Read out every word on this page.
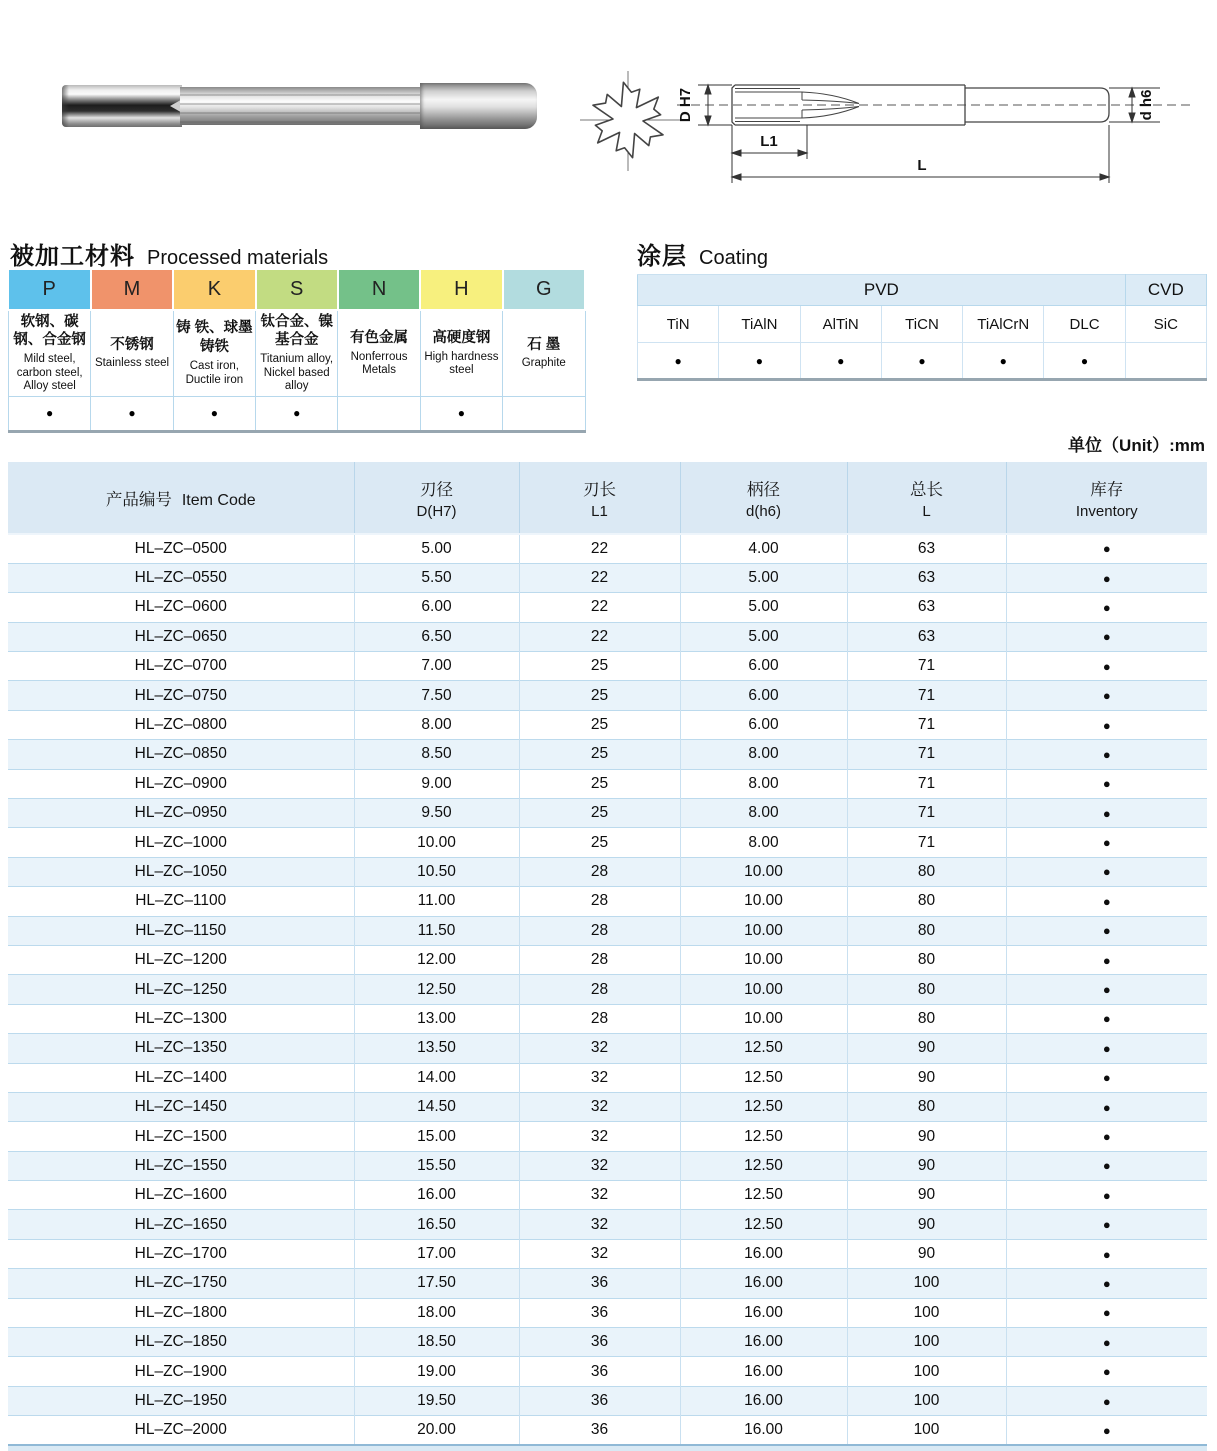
D H7	d h6
L1
L
被加工材料 Processed materials
P	M	K	S	N	H	G

软钢、碳钢、合金钢
Mild steel, carbon steel, Alloy steel

不锈钢
Stainless steel

铸 铁、球墨铸铁
Cast iron, Ductile iron

钛合金、镍基合金
Titanium alloy, Nickel based alloy

有色金属
Nonferrous Metals

高硬度钢
High hardness steel

石 墨
Graphite

●	●	●	●		●	
涂层 Coating
PVD						CVD
TiN	TiAlN	AlTiN	TiCN	TiAlCrN	DLC	SiC
●	●	●	●	●	●	
单位（Unit）:mm
产品编号 Item Code	
刃径
D(H7)

刃长
L1

柄径
d(h6)

总长
L

库存
Inventory

HL–ZC–0500	5.00	22	4.00	63	●
HL–ZC–0550	5.50	22	5.00	63	●
HL–ZC–0600	6.00	22	5.00	63	●
HL–ZC–0650	6.50	22	5.00	63	●
HL–ZC–0700	7.00	25	6.00	71	●
HL–ZC–0750	7.50	25	6.00	71	●
HL–ZC–0800	8.00	25	6.00	71	●
HL–ZC–0850	8.50	25	8.00	71	●
HL–ZC–0900	9.00	25	8.00	71	●
HL–ZC–0950	9.50	25	8.00	71	●
HL–ZC–1000	10.00	25	8.00	71	●
HL–ZC–1050	10.50	28	10.00	80	●
HL–ZC–1100	11.00	28	10.00	80	●
HL–ZC–1150	11.50	28	10.00	80	●
HL–ZC–1200	12.00	28	10.00	80	●
HL–ZC–1250	12.50	28	10.00	80	●
HL–ZC–1300	13.00	28	10.00	80	●
HL–ZC–1350	13.50	32	12.50	90	●
HL–ZC–1400	14.00	32	12.50	90	●
HL–ZC–1450	14.50	32	12.50	80	●
HL–ZC–1500	15.00	32	12.50	90	●
HL–ZC–1550	15.50	32	12.50	90	●
HL–ZC–1600	16.00	32	12.50	90	●
HL–ZC–1650	16.50	32	12.50	90	●
HL–ZC–1700	17.00	32	16.00	90	●
HL–ZC–1750	17.50	36	16.00	100	●
HL–ZC–1800	18.00	36	16.00	100	●
HL–ZC–1850	18.50	36	16.00	100	●
HL–ZC–1900	19.00	36	16.00	100	●
HL–ZC–1950	19.50	36	16.00	100	●
HL–ZC–2000	20.00	36	16.00	100	●
